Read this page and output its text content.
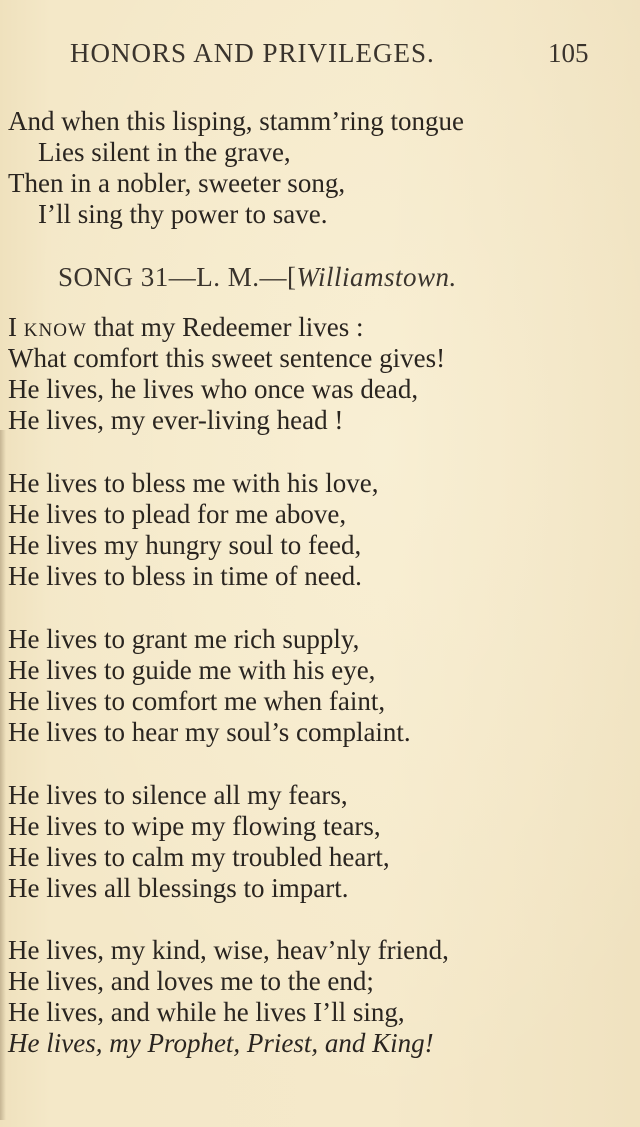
HONORS AND PRIVILEGES.	105
And when this lisping, stamm’ring tongue
Lies silent in the grave,
Then in a nobler, sweeter song,
I’ll sing thy power to save.
SONG 31—L. M.—[Williamstown.
I know that my Redeemer lives :
What comfort this sweet sentence gives!
He lives, he lives who once was dead,
He lives, my ever-living head !
He lives to bless me with his love,
He lives to plead for me above,
He lives my hungry soul to feed,
He lives to bless in time of need.
He lives to grant me rich supply,
He lives to guide me with his eye,
He lives to comfort me when faint,
He lives to hear my soul’s complaint.
He lives to silence all my fears,
He lives to wipe my flowing tears,
He lives to calm my troubled heart,
He lives all blessings to impart.
He lives, my kind, wise, heav’nly friend,
He lives, and loves me to the end;
He lives, and while he lives I’ll sing,
He lives, my Prophet, Priest, and King!
